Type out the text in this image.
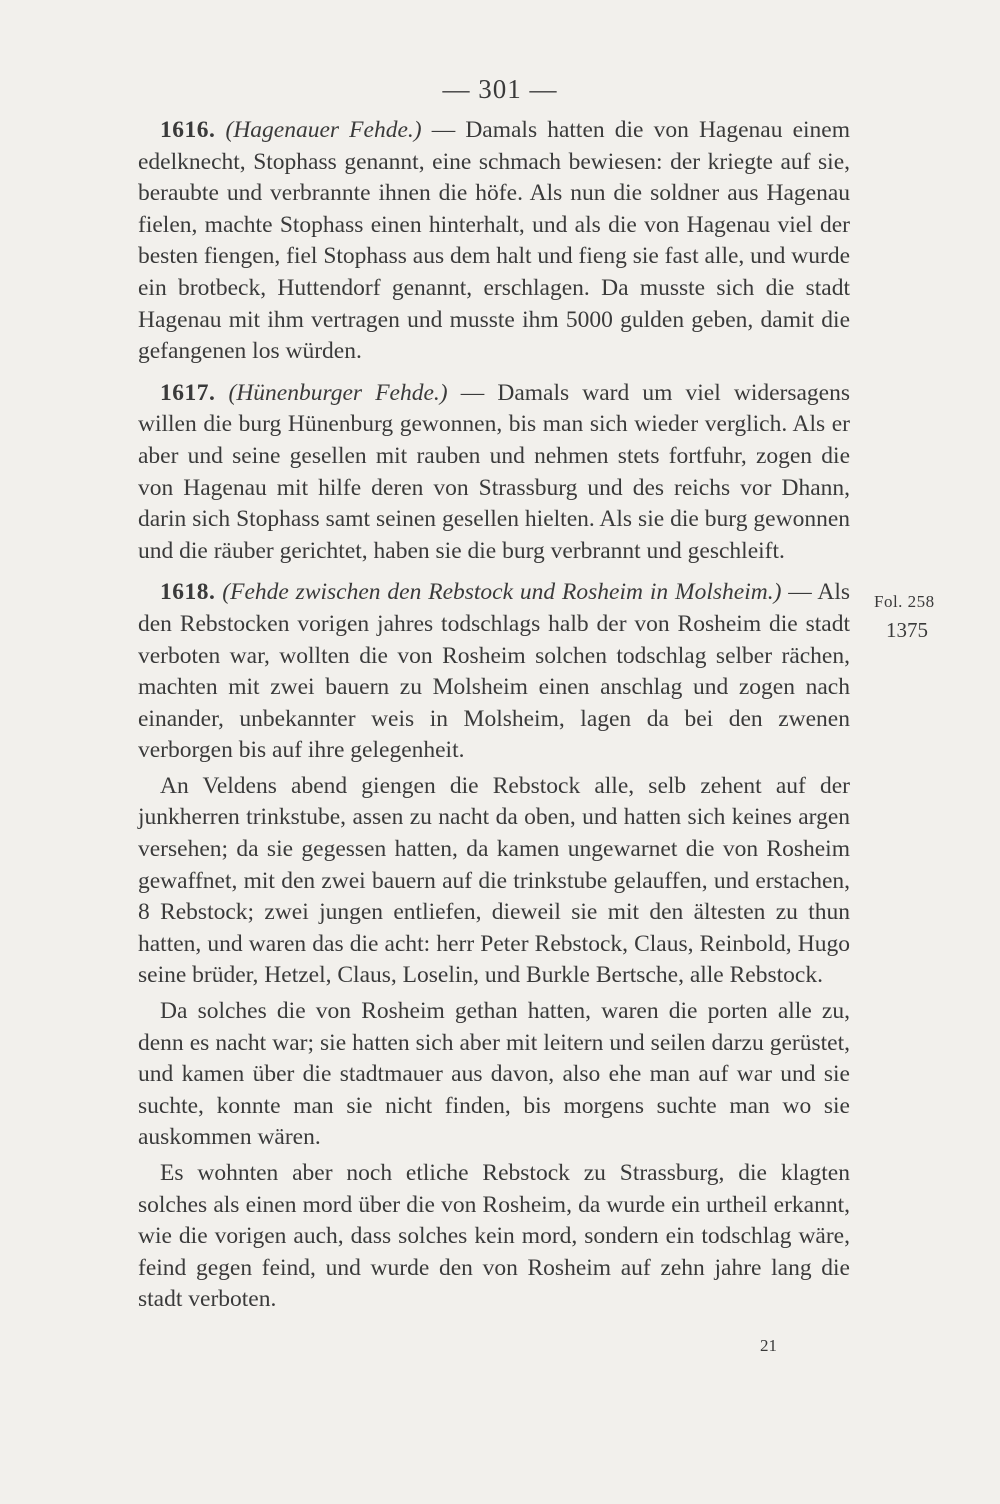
— 301 —

1616. (Hagenauer Fehde.) — Damals hatten die von Hagenau einem edelknecht, Stophass genannt, eine schmach bewiesen: der kriegte auf sie, beraubte und verbrannte ihnen die höfe. Als nun die soldner aus Hagenau fielen, machte Stophass einen hinterhalt, und als die von Hagenau viel der besten fiengen, fiel Stophass aus dem halt und fieng sie fast alle, und wurde ein brotbeck, Huttendorf genannt, erschlagen. Da musste sich die stadt Hagenau mit ihm vertragen und musste ihm 5000 gulden geben, damit die gefangenen los würden.

1617. (Hünenburger Fehde.) — Damals ward um viel widersagens willen die burg Hünenburg gewonnen, bis man sich wieder verglich. Als er aber und seine gesellen mit rauben und nehmen stets fortfuhr, zogen die von Hagenau mit hilfe deren von Strassburg und des reichs vor Dhann, darin sich Stophass samt seinen gesellen hielten. Als sie die burg gewonnen und die räuber gerichtet, haben sie die burg verbrannt und geschleift.

1618. (Fehde zwischen den Rebstock und Rosheim in Molsheim.) — Als den Rebstocken vorigen jahres todschlags halb der von Rosheim die stadt verboten war, wollten die von Rosheim solchen todschlag selber rächen, machten mit zwei bauern zu Molsheim einen anschlag und zogen nach einander, unbekannter weis in Molsheim, lagen da bei den zwenen verborgen bis auf ihre gelegenheit.

An Veldens abend giengen die Rebstock alle, selb zehent auf der junkherren trinkstube, assen zu nacht da oben, und hatten sich keines argen versehen; da sie gegessen hatten, da kamen ungewarnet die von Rosheim gewaffnet, mit den zwei bauern auf die trinkstube gelauffen, und erstachen, 8 Rebstock; zwei jungen entliefen, dieweil sie mit den ältesten zu thun hatten, und waren das die acht: herr Peter Rebstock, Claus, Reinbold, Hugo seine brüder, Hetzel, Claus, Loselin, und Burkle Bertsche, alle Rebstock.

Da solches die von Rosheim gethan hatten, waren die porten alle zu, denn es nacht war; sie hatten sich aber mit leitern und seilen darzu gerüstet, und kamen über die stadtmauer aus davon, also ehe man auf war und sie suchte, konnte man sie nicht finden, bis morgens suchte man wo sie auskommen wären.

Es wohnten aber noch etliche Rebstock zu Strassburg, die klagten solches als einen mord über die von Rosheim, da wurde ein urtheil erkannt, wie die vorigen auch, dass solches kein mord, sondern ein todschlag wäre, feind gegen feind, und wurde den von Rosheim auf zehn jahre lang die stadt verboten.

Fol. 258
1375
21
